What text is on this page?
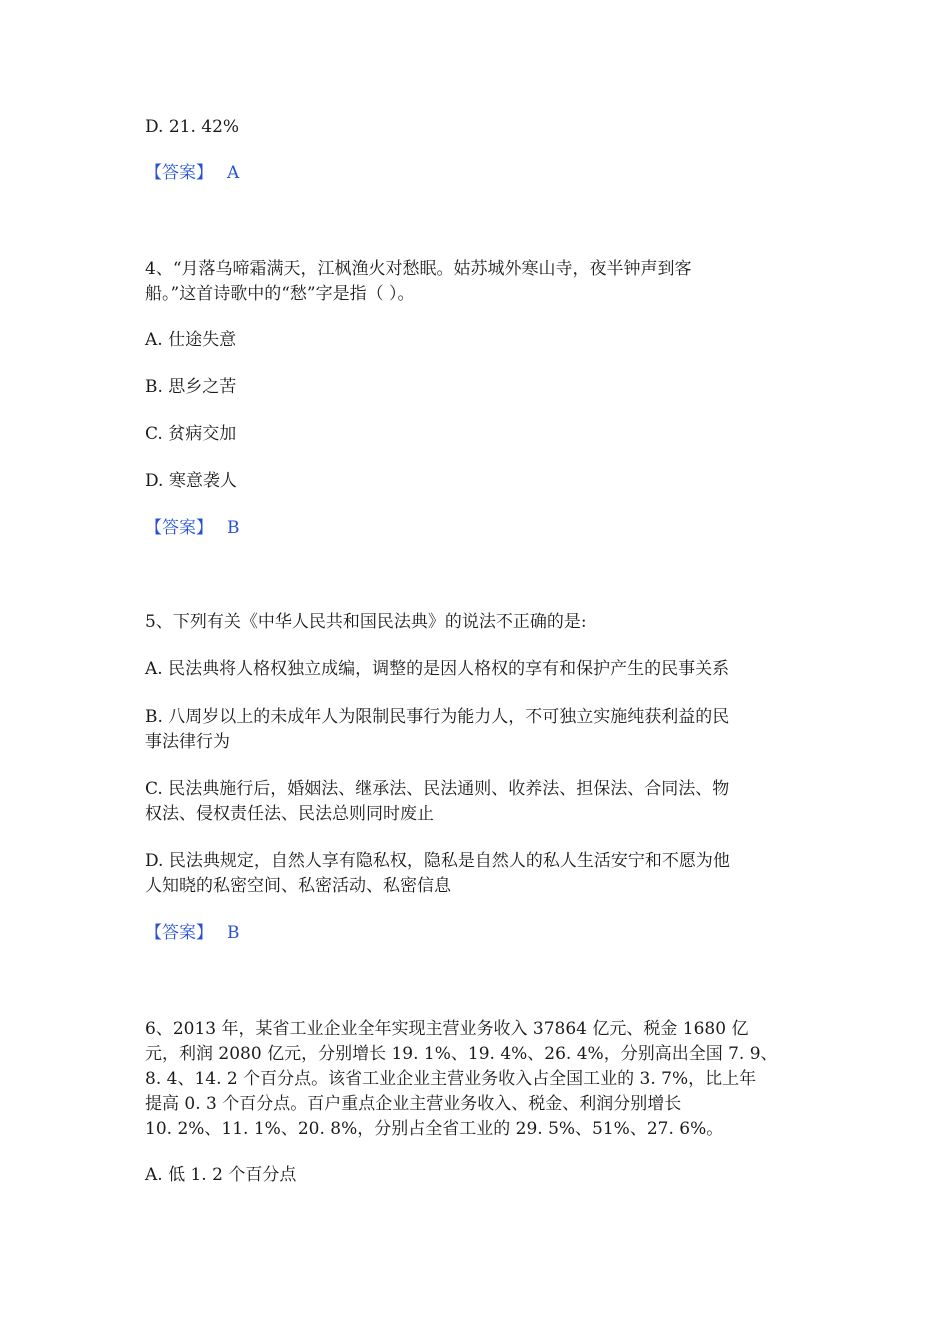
D. 21. 42%
【答案】 A
4、“月落乌啼霜满天，江枫渔火对愁眠。姑苏城外寒山寺，夜半钟声到客
船。”这首诗歌中的“愁”字是指（ ）。
A. 仕途失意
B. 思乡之苦
C. 贫病交加
D. 寒意袭人
【答案】 B
5、下列有关《中华人民共和国民法典》的说法不正确的是:
A. 民法典将人格权独立成编，调整的是因人格权的享有和保护产生的民事关系
B. 八周岁以上的未成年人为限制民事行为能力人，不可独立实施纯获利益的民
事法律行为
C. 民法典施行后，婚姻法、继承法、民法通则、收养法、担保法、合同法、物
权法、侵权责任法、民法总则同时废止
D. 民法典规定，自然人享有隐私权，隐私是自然人的私人生活安宁和不愿为他
人知晓的私密空间、私密活动、私密信息
【答案】 B
6、2013 年，某省工业企业全年实现主营业务收入 37864 亿元、税金 1680 亿
元，利润 2080 亿元，分别增长 19. 1%、19. 4%、26. 4%，分别高出全国 7. 9、
8. 4、14. 2 个百分点。该省工业企业主营业务收入占全国工业的 3. 7%，比上年
提高 0. 3 个百分点。百户重点企业主营业务收入、税金、利润分别增长
10. 2%、11. 1%、20. 8%，分别占全省工业的 29. 5%、51%、27. 6%。
A. 低 1. 2 个百分点
